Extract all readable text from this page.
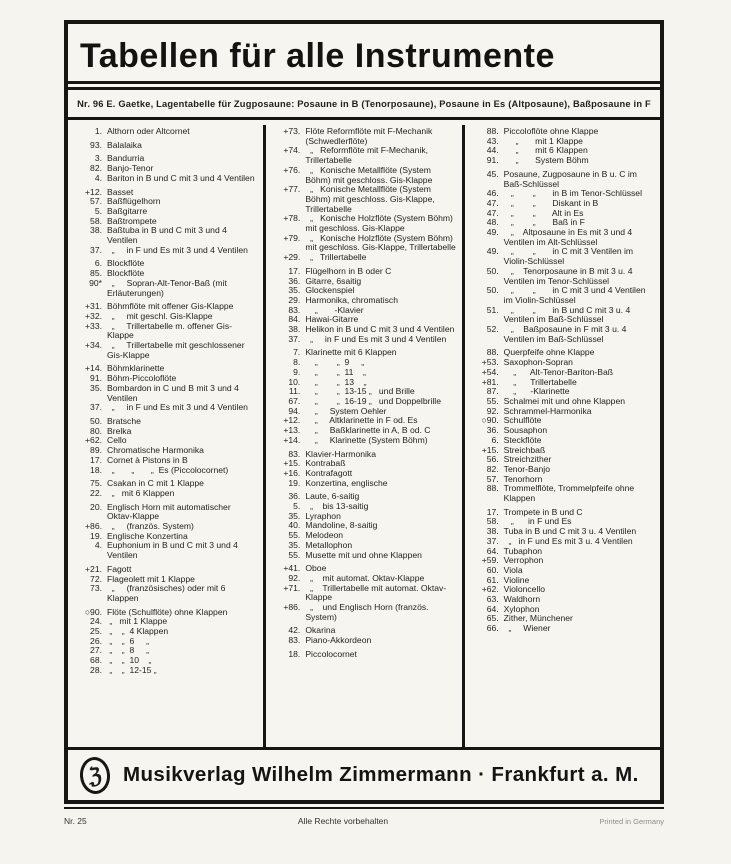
Tabellen für alle Instrumente
Nr. 96 E. Gaetke, Lagentabelle für Zugposaune: Posaune in B (Tenorposaune), Posaune in Es (Altposaune), Baßposaune in F
1. Althorn oder Altcornet
93. Balalaika
3. Bandurria
82. Banjo-Tenor
4. Bariton in B und C mit 3 und 4 Ventilen
+12. Basset
57. Baßflügelhorn
5. Baßgitarre
58. Baßtrompete
38. Baßtuba in B und C mit 3 und 4 Ventilen
37. „     in F und Es mit 3 und 4 Ventilen
6. Blockflöte
85. Blockflöte
90* „     Sopran-Alt-Tenor-Baß (mit Erläuterungen)
+31. Böhmflöte mit offener Gis-Klappe
+32. „     mit geschl. Gis-Klappe
+33. „     Trillertabelle m. offener Gis-Klappe
+34. „     Trillertabelle mit geschlossener Gis-Klappe
+14. Böhmklarinette
91. Böhm-Piccoloflöte
35. Bombardon in C und B mit 3 und 4 Ventilen
37. „     in F und Es mit 3 und 4 Ventilen
50. Bratsche
80. Brelka
+62. Cello
89. Chromatische Harmonika
17. Cornet à Pistons in B
18. „       „       „  Es (Piccolocornet)
75. Csakan in C mit 1 Klappe
22. „   mit 6 Klappen
20. Englisch Horn mit automatischer Oktav-Klappe
+86. „     (französ. System)
19. Englische Konzertina
4. Euphonium in B und C mit 3 und 4 Ventilen
+21. Fagott
72. Flageolett mit 1 Klappe
73. „     (französisches) oder mit 6 Klappen
○90. Flöte (Schulflöte) ohne Klappen
24. „   mit 1 Klappe
25. „    „  4 Klappen
26. „    „  6     „
27. „    „  8     „
68. „    „  10    „
28. „    „  12-15 „
+73. Flöte Reformflöte mit F-Mechanik (Schwedlerflöte)
+74. „   Reformflöte mit F-Mechanik, Trillertabelle
+76. „   Konische Metallflöte (System Böhm) mit geschloss. Gis-Klappe
+77. „   Konische Metallflöte (System Böhm) mit geschloss. Gis-Klappe, Trillertabelle
+78. „   Konische Holzflöte (System Böhm) mit geschloss. Gis-Klappe
+79. „   Konische Holzflöte (System Böhm) mit geschloss. Gis-Klappe, Trillertabelle
+29. „   Trillertabelle
17. Flügelhorn in B oder C
36. Gitarre, 6saitig
35. Glockenspiel
29. Harmonika, chromatisch
83. „       -Klavier
84. Hawai-Gitarre
38. Helikon in B und C mit 3 und 4 Ventilen
37. „     in F und Es mit 3 und 4 Ventilen
7. Klarinette mit 6 Klappen
8. „        „  9     „
9. „        „  11    „
10. „        „  13    „
11. „        „  13-15 „   und Brille
67. „        „  16-19 „   und Doppelbrille
94. „     System Oehler
+12. „     Altklarinette in F od. Es
+13. „     Baßklarinette in A, B od. C
+14. „     Klarinette (System Böhm)
83. Klavier-Harmonika
+15. Kontrabaß
+16. Kontrafagott
19. Konzertina, englische
36. Laute, 6-saitig
5. „    bis 13-saitig
35. Lyraphon
40. Mandoline, 8-saitig
55. Melodeon
35. Metallophon
55. Musette mit und ohne Klappen
+41. Oboe
92. „    mit automat. Oktav-Klappe
+71. „    Trillertabelle mit automat. Oktav-Klappe
+86. „    und Englisch Horn (französ. System)
42. Okarina
83. Piano-Akkordeon
18. Piccolocornet
88. Piccoloflöte ohne Klappe
43. „       mit 1 Klappe
44. „       mit 6 Klappen
91. „       System Böhm
45. Posaune, Zugposaune in B u. C im Baß-Schlüssel
46. „        „       in B im Tenor-Schlüssel
47. „        „       Diskant in B
47. „        „       Alt in Es
48. „        „       Baß in F
49. „    Altposaune in Es mit 3 und 4 Ventilen im Alt-Schlüssel
49. „        „       in C mit 3 Ventilen im Violin-Schlüssel
50. „    Tenorposaune in B mit 3 u. 4 Ventilen im Tenor-Schlüssel
50. „        „       in C mit 3 und 4 Ventilen im Violin-Schlüssel
51. „        „       in B und C mit 3 u. 4 Ventilen im Baß-Schlüssel
52. „    Baßposaune in F mit 3 u. 4 Ventilen im Baß-Schlüssel
88. Querpfeife ohne Klappe
+53. Saxophon-Sopran
+54. „      Alt-Tenor-Bariton-Baß
+81. „      Trillertabelle
87. „      -Klarinette
55. Schalmei mit und ohne Klappen
92. Schrammel-Harmonika
○90. Schulflöte
36. Sousaphon
6. Steckflöte
+15. Streichbaß
56. Streichzither
82. Tenor-Banjo
57. Tenorhorn
88. Trommelflöte, Trommelpfeife ohne Klappen
17. Trompete in B und C
58. „      in F und Es
38. Tuba in B und C mit 3 u. 4 Ventilen
37. „   in F und Es mit 3 u. 4 Ventilen
64. Tubaphon
+59. Verrophon
60. Viola
61. Violine
+62. Violoncello
63. Waldhorn
64. Xylophon
65. Zither, Münchener
66. „     Wiener
ℨ Musikverlag Wilhelm Zimmermann · Frankfurt a. M.
Nr. 25	Alle Rechte vorbehalten	Printed in Germany
